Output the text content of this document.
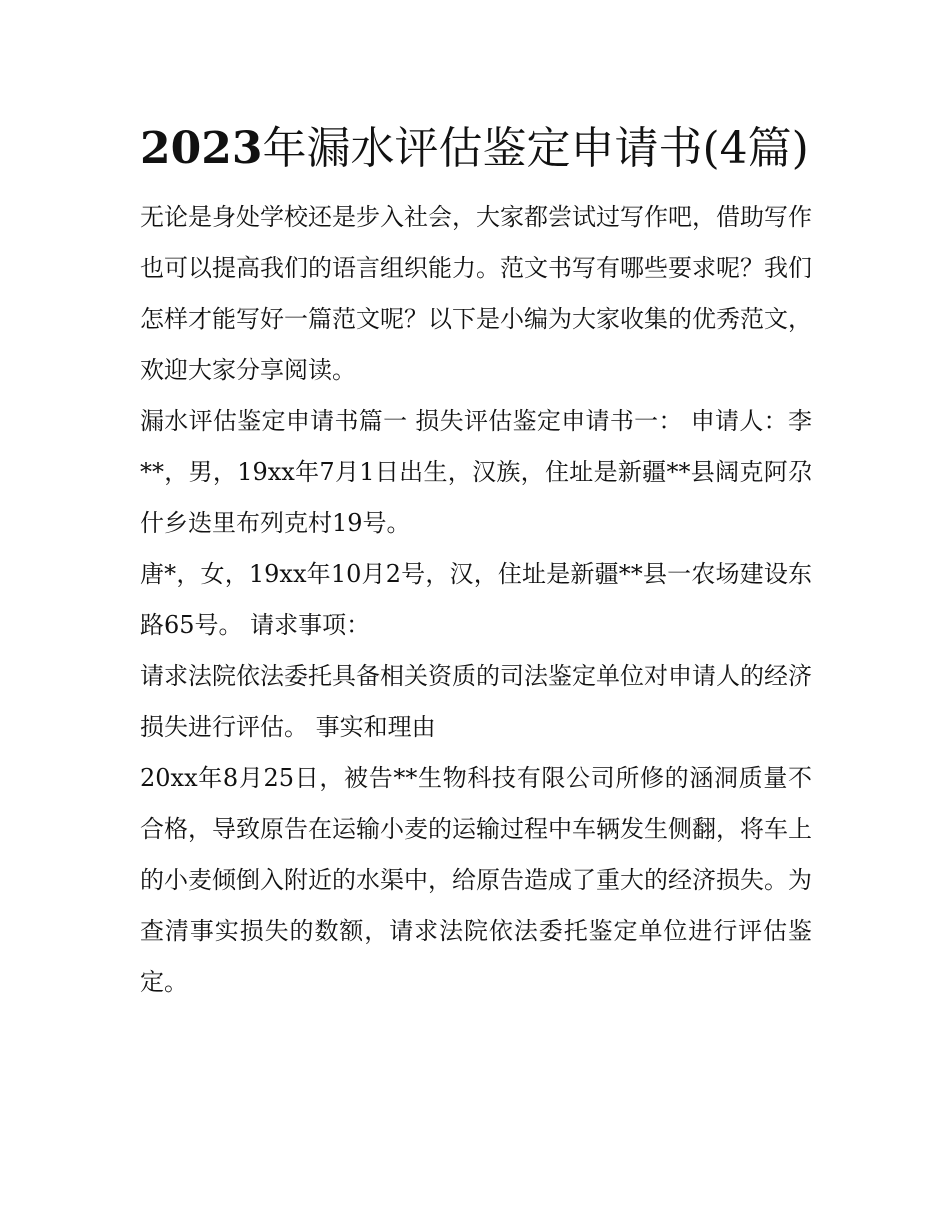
2023年漏水评估鉴定申请书(4篇)

无论是身处学校还是步入社会，大家都尝试过写作吧，借助写作也可以提高我们的语言组织能力。范文书写有哪些要求呢？我们怎样才能写好一篇范文呢？以下是小编为大家收集的优秀范文，欢迎大家分享阅读。

漏水评估鉴定申请书篇一 损失评估鉴定申请书一： 申请人：李**，男，19xx年7月1日出生，汉族，住址是新疆**县阔克阿尕什乡迭里布列克村19号。

唐*，女，19xx年10月2号，汉，住址是新疆**县一农场建设东路65号。 请求事项：

请求法院依法委托具备相关资质的司法鉴定单位对申请人的经济损失进行评估。 事实和理由

20xx年8月25日，被告**生物科技有限公司所修的涵洞质量不合格，导致原告在运输小麦的运输过程中车辆发生侧翻，将车上的小麦倾倒入附近的水渠中，给原告造成了重大的经济损失。为查清事实损失的数额，请求法院依法委托鉴定单位进行评估鉴定。
